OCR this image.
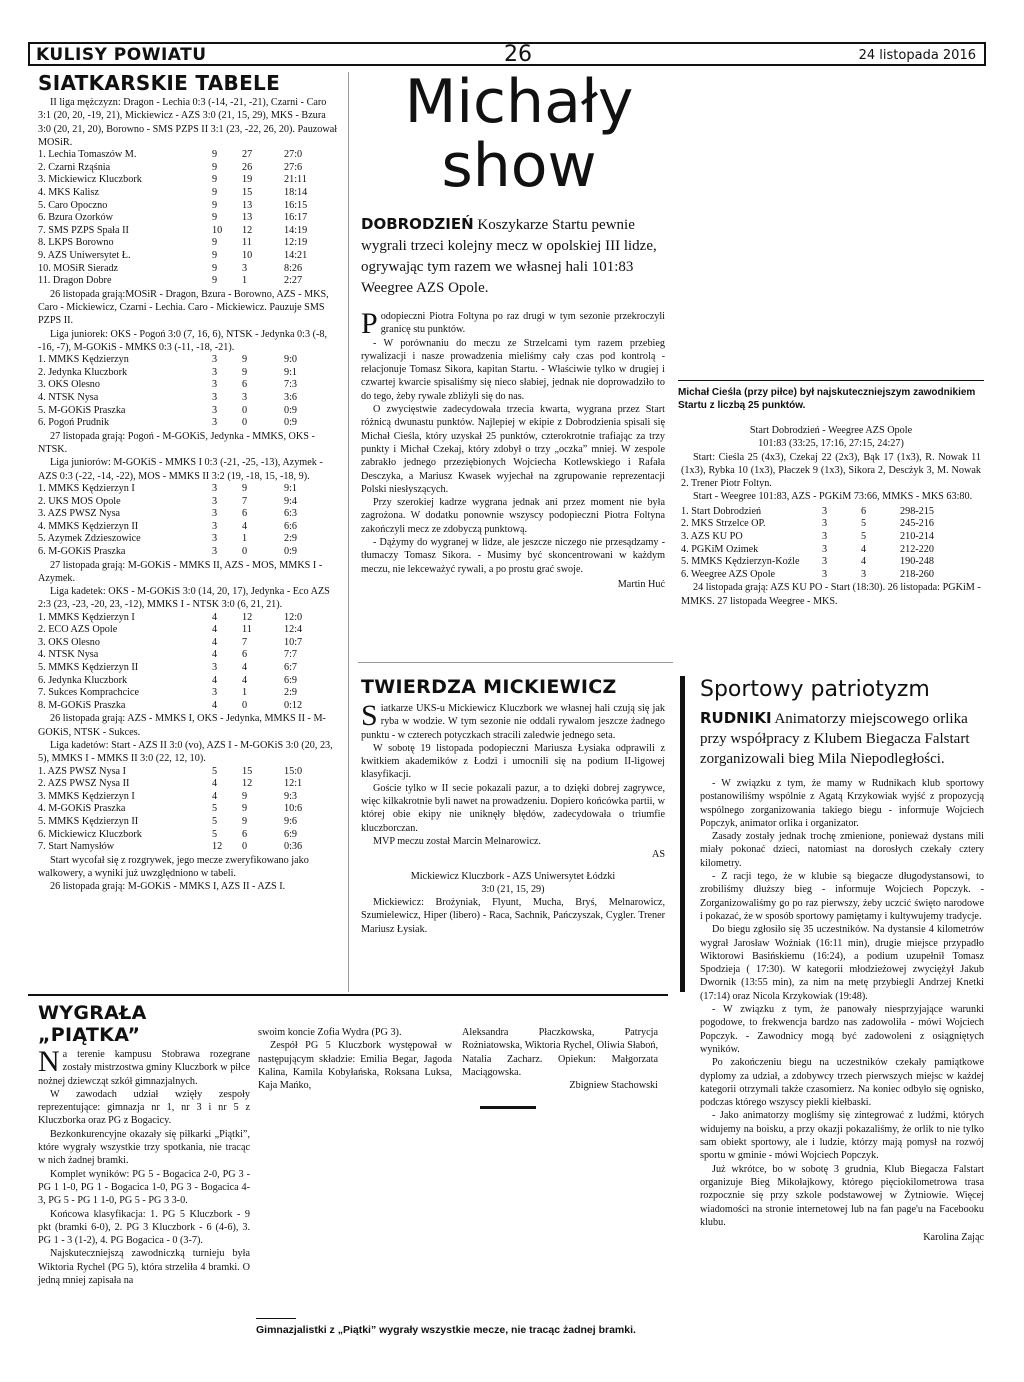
KULISY POWIATU	26	24 listopada 2016
SIATKARSKIE TABELE

II liga mężczyzn: Dragon - Lechia 0:3 (-14, -21, -21), Czarni - Caro 3:1 (20, 20, -19, 21), Mickiewicz - AZS 3:0 (21, 15, 29), MKS - Bzura 3:0 (20, 21, 20), Borowno - SMS PZPS II 3:1 (23, -22, 26, 20). Pauzował MOSiR.

1. Lechia Tomaszów M.	9	27	27:0
2. Czarni Rząśnia	9	26	27:6
3. Mickiewicz Kluczbork	9	19	21:11
4. MKS Kalisz	9	15	18:14
5. Caro Opoczno	9	13	16:15
6. Bzura Ozorków	9	13	16:17
7. SMS PZPS Spała II	10	12	14:19
8. LKPS Borowno	9	11	12:19
9. AZS Uniwersytet Ł.	9	10	14:21
10. MOSiR Sieradz	9	3	8:26
11. Dragon Dobre	9	1	2:27

26 listopada grają:MOSiR - Dragon, Bzura - Borowno, AZS - MKS, Caro - Mickiewicz, Czarni - Lechia. Caro - Mickiewicz. Pauzuje SMS PZPS II.

Liga juniorek: OKS - Pogoń 3:0 (7, 16, 6), NTSK - Jedynka 0:3 (-8, -16, -7), M-GOKiS - MMKS 0:3 (-11, -18, -21).

1. MMKS Kędzierzyn	3	9	9:0
2. Jedynka Kluczbork	3	9	9:1
3. OKS Olesno	3	6	7:3
4. NTSK Nysa	3	3	3:6
5. M-GOKiS Praszka	3	0	0:9
6. Pogoń Prudnik	3	0	0:9

27 listopada grają: Pogoń - M-GOKiS, Jedynka - MMKS, OKS - NTSK.

Liga juniorów: M-GOKiS - MMKS I 0:3 (-21, -25, -13), Azymek - AZS 0:3 (-22, -14, -22), MOS - MMKS II 3:2 (19, -18, 15, -18, 9).

1. MMKS Kędzierzyn I	3	9	9:1
2. UKS MOS Opole	3	7	9:4
3. AZS PWSZ Nysa	3	6	6:3
4. MMKS Kędzierzyn II	3	4	6:6
5. Azymek Zdzieszowice	3	1	2:9
6. M-GOKiS Praszka	3	0	0:9

27 listopada grają: M-GOKiS - MMKS II, AZS - MOS, MMKS I - Azymek.

Liga kadetek: OKS - M-GOKiS 3:0 (14, 20, 17), Jedynka - Eco AZS 2:3 (23, -23, -20, 23, -12), MMKS I - NTSK 3:0 (6, 21, 21).

1. MMKS Kędzierzyn I	4	12	12:0
2. ECO AZS Opole	4	11	12:4
3. OKS Olesno	4	7	10:7
4. NTSK Nysa	4	6	7:7
5. MMKS Kędzierzyn II	3	4	6:7
6. Jedynka Kluczbork	4	4	6:9
7. Sukces Komprachcice	3	1	2:9
8. M-GOKiS Praszka	4	0	0:12

26 listopada grają: AZS - MMKS I, OKS - Jedynka, MMKS II - M-GOKiS, NTSK - Sukces.

Liga kadetów: Start - AZS II 3:0 (vo), AZS I - M-GOKiS 3:0 (20, 23, 5), MMKS I - MMKS II 3:0 (22, 12, 10).

1. AZS PWSZ Nysa I	5	15	15:0
2. AZS PWSZ Nysa II	4	12	12:1
3. MMKS Kędzierzyn I	4	9	9:3
4. M-GOKiS Praszka	5	9	10:6
5. MMKS Kędzierzyn II	5	9	9:6
6. Mickiewicz Kluczbork	5	6	6:9
7. Start Namysłów	12	0	0:36

Start wycofał się z rozgrywek, jego mecze zweryfikowano jako walkowery, a wyniki już uwzględniono w tabeli.

26 listopada grają: M-GOKiS - MMKS I, AZS II - AZS I.

Michały
show
DOBRODZIEŃ Koszykarze Startu pewnie wygrali trzeci kolejny mecz w opolskiej III lidze, ogrywając tym razem we własnej hali 101:83 Weegree AZS Opole.

Podopieczni Piotra Foltyna po raz drugi w tym sezonie przekroczyli granicę stu punktów.

- W porównaniu do meczu ze Strzelcami tym razem przebieg rywalizacji i nasze prowadzenia mieliśmy cały czas pod kontrolą - relacjonuje Tomasz Sikora, kapitan Startu. - Właściwie tylko w drugiej i czwartej kwarcie spisaliśmy się nieco słabiej, jednak nie doprowadziło to do tego, żeby rywale zbliżyli się do nas.

O zwycięstwie zadecydowała trzecia kwarta, wygrana przez Start różnicą dwunastu punktów. Najlepiej w ekipie z Dobrodzienia spisali się Michał Cieśla, który uzyskał 25 punktów, czterokrotnie trafiając za trzy punkty i Michał Czekaj, który zdobył o trzy „oczka” mniej. W zespole zabrakło jednego przeziębionych Wojciecha Kotlewskiego i Rafała Desczyka, a Mariusz Kwasek wyjechał na zgrupowanie reprezentacji Polski niesłyszących.

Przy szerokiej kadrze wygrana jednak ani przez moment nie była zagrożona. W dodatku ponownie wszyscy podopieczni Piotra Foltyna zakończyli mecz ze zdobyczą punktową.

- Dążymy do wygranej w lidze, ale jeszcze niczego nie przesądzamy - tłumaczy Tomasz Sikora. - Musimy być skoncentrowani w każdym meczu, nie lekceważyć rywali, a po prostu grać swoje.

Martin Huć

Michał Cieśla (przy piłce) był najskuteczniejszym zawodnikiem Startu z liczbą 25 punktów.

Start Dobrodzień - Weegree AZS Opole

101:83 (33:25, 17:16, 27:15, 24:27)

Start: Cieśla 25 (4x3), Czekaj 22 (2x3), Bąk 17 (1x3), R. Nowak 11 (1x3), Rybka 10 (1x3), Płaczek 9 (1x3), Sikora 2, Descżyk 3, M. Nowak 2. Trener Piotr Foltyn.

Start - Weegree 101:83, AZS - PGKiM 73:66, MMKS - MKS 63:80.

1. Start Dobrodzień	3	6	298-215
2. MKS Strzelce OP.	3	5	245-216
3. AZS KU PO	3	5	210-214
4. PGKiM Ozimek	3	4	212-220
5. MMKS Kędzierzyn-Koźle	3	4	190-248
6. Weegree AZS Opole	3	3	218-260

24 listopada grają: AZS KU PO - Start (18:30). 26 listopada: PGKiM - MMKS. 27 listopada Weegree - MKS.

TWIERDZA MICKIEWICZ

Siatkarze UKS-u Mickiewicz Kluczbork we własnej hali czują się jak ryba w wodzie. W tym sezonie nie oddali rywalom jeszcze żadnego punktu - w czterech potyczkach stracili zaledwie jednego seta.

W sobotę 19 listopada podopieczni Mariusza Łysiaka odprawili z kwitkiem akademików z Łodzi i umocnili się na podium II-ligowej klasyfikacji.

Goście tylko w II secie pokazali pazur, a to dzięki dobrej zagrywce, więc kilkakrotnie byli nawet na prowadzeniu. Dopiero końcówka partii, w której obie ekipy nie uniknęły błędów, zadecydowała o triumfie kluczborczan.

MVP meczu został Marcin Melnarowicz.

AS

Mickiewicz Kluczbork - AZS Uniwersytet Łódzki

3:0 (21, 15, 29)

Mickiewicz: Brożyniak, Flyunt, Mucha, Bryś, Melnarowicz, Szumielewicz, Hiper (libero) - Raca, Sachnik, Pańczyszak, Cygler. Trener Mariusz Łysiak.

Sportowy patriotyzm
RUDNIKI Animatorzy miejscowego orlika przy współpracy z Klubem Biegacza Falstart zorganizowali bieg Mila Niepodległości.

- W związku z tym, że mamy w Rudnikach klub sportowy postanowiliśmy wspólnie z Agatą Krzykowiak wyjść z propozycją wspólnego zorganizowania takiego biegu - informuje Wojciech Popczyk, animator orlika i organizator.

Zasady zostały jednak trochę zmienione, ponieważ dystans mili miały pokonać dzieci, natomiast na dorosłych czekały cztery kilometry.

- Z racji tego, że w klubie są biegacze długodystansowi, to zrobiliśmy dłuższy bieg - informuje Wojciech Popczyk. - Zorganizowaliśmy go po raz pierwszy, żeby uczcić święto narodowe i pokazać, że w sposób sportowy pamiętamy i kultywujemy tradycje.

Do biegu zgłosiło się 35 uczestników. Na dystansie 4 kilometrów wygrał Jarosław Woźniak (16:11 min), drugie miejsce przypadło Wiktorowi Basińskiemu (16:24), a podium uzupełnił Tomasz Spodzieja ( 17:30). W kategorii młodzieżowej zwyciężył Jakub Dwornik (13:55 min), za nim na metę przybiegli Andrzej Knetki (17:14) oraz Nicola Krzykowiak (19:48).

- W związku z tym, że panowały niesprzyjające warunki pogodowe, to frekwencja bardzo nas zadowoliła - mówi Wojciech Popczyk. - Zawodnicy mogą być zadowoleni z osiągniętych wyników.

Po zakończeniu biegu na uczestników czekały pamiątkowe dyplomy za udział, a zdobywcy trzech pierwszych miejsc w każdej kategorii otrzymali także czasomierz. Na koniec odbyło się ognisko, podczas którego wszyscy piekli kiełbaski.

- Jako animatorzy mogliśmy się zintegrować z ludźmi, których widujemy na boisku, a przy okazji pokazaliśmy, że orlik to nie tylko sam obiekt sportowy, ale i ludzie, którzy mają pomysł na rozwój sportu w gminie - mówi Wojciech Popczyk.

Już wkrótce, bo w sobotę 3 grudnia, Klub Biegacza Falstart organizuje Bieg Mikołajkowy, którego pięciokilometrowa trasa rozpocznie się przy szkole podstawowej w Żytniowie. Więcej wiadomości na stronie internetowej lub na fan page'u na Facebooku klubu.

Karolina Zając

WYGRAŁA „PIĄTKA”

Na terenie kampusu Stobrawa rozegrane zostały mistrzostwa gminy Kluczbork w piłce nożnej dziewcząt szkół gimnazjalnych.

W zawodach udział wzięły zespoły reprezentujące: gimnazja nr 1, nr 3 i nr 5 z Kluczborka oraz PG z Bogacicy.

Bezkonkurencyjne okazały się piłkarki „Piątki”, które wygrały wszystkie trzy spotkania, nie tracąc w nich żadnej bramki.

Komplet wyników: PG 5 - Bogacica 2-0, PG 3 - PG 1 1-0, PG 1 - Bogacica 1-0, PG 3 - Bogacica 4-3, PG 5 - PG 1 1-0, PG 5 - PG 3 3-0.

Końcowa klasyfikacja: 1. PG 5 Kluczbork - 9 pkt (bramki 6-0), 2. PG 3 Kluczbork - 6 (4-6), 3. PG 1 - 3 (1-2), 4. PG Bogacica - 0 (3-7).

Najskuteczniejszą zawodniczką turnieju była Wiktoria Rychel (PG 5), która strzeliła 4 bramki. O jedną mniej zapisała na

swoim koncie Zofia Wydra (PG 3).

Zespół PG 5 Kluczbork występował w następującym składzie: Emilia Begar, Jagoda Kalina, Kamila Kobyłańska, Roksana Luksa, Kaja Mańko,

Aleksandra Płaczkowska, Patrycja Rożniatowska, Wiktoria Rychel, Oliwia Słaboń, Natalia Zacharz. Opiekun: Małgorzata Maciągowska.

Zbigniew Stachowski

Gimnazjalistki z „Piątki” wygrały wszystkie mecze, nie tracąc żadnej bramki.
